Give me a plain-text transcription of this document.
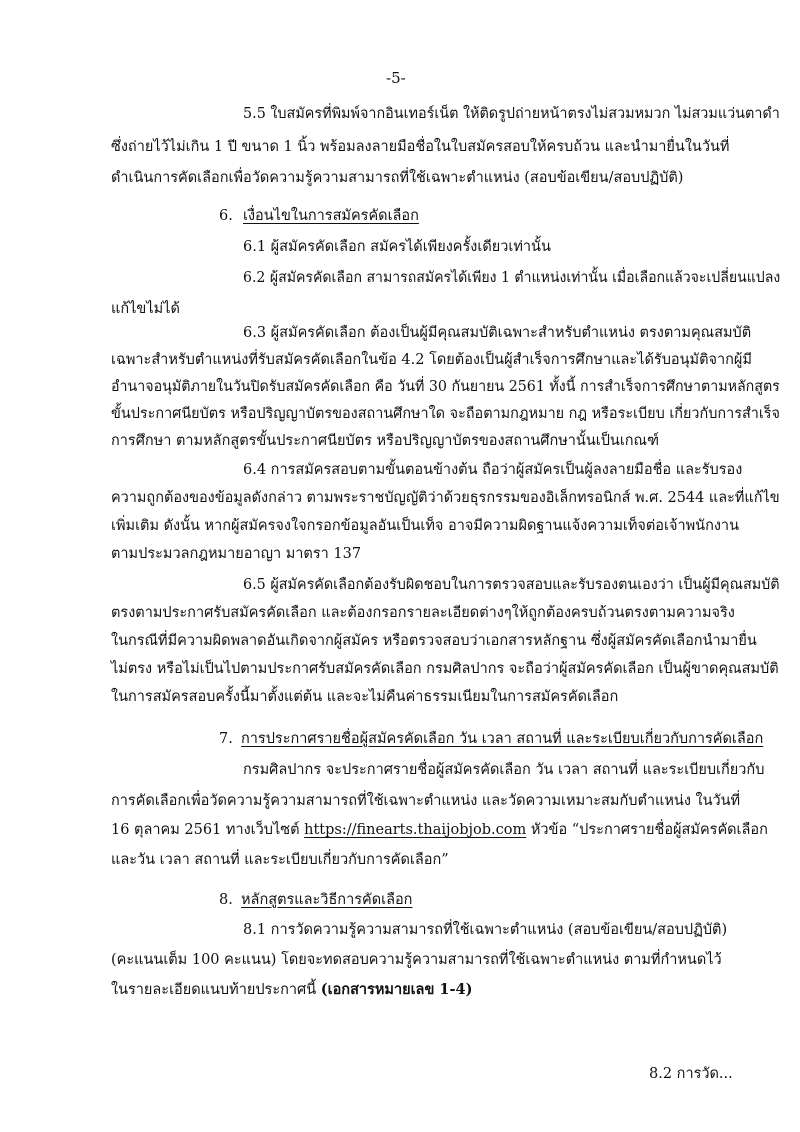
-5-

5.5 ใบสมัครที่พิมพ์จากอินเทอร์เน็ต ให้ติดรูปถ่ายหน้าตรงไม่สวมหมวก ไม่สวมแว่นตาดำ

ซึ่งถ่ายไว้ไม่เกิน 1 ปี ขนาด 1 นิ้ว พร้อมลงลายมือชื่อในใบสมัครสอบให้ครบถ้วน และนำมายื่นในวันที่

ดำเนินการคัดเลือกเพื่อวัดความรู้ความสามารถที่ใช้เฉพาะตำแหน่ง (สอบข้อเขียน/สอบปฏิบัติ)

6. เงื่อนไขในการสมัครคัดเลือก

6.1 ผู้สมัครคัดเลือก สมัครได้เพียงครั้งเดียวเท่านั้น

6.2 ผู้สมัครคัดเลือก สามารถสมัครได้เพียง 1 ตำแหน่งเท่านั้น เมื่อเลือกแล้วจะเปลี่ยนแปลง

แก้ไขไม่ได้

6.3 ผู้สมัครคัดเลือก ต้องเป็นผู้มีคุณสมบัติเฉพาะสำหรับตำแหน่ง ตรงตามคุณสมบัติ

เฉพาะสำหรับตำแหน่งที่รับสมัครคัดเลือกในข้อ 4.2 โดยต้องเป็นผู้สำเร็จการศึกษาและได้รับอนุมัติจากผู้มี

อำนาจอนุมัติภายในวันปิดรับสมัครคัดเลือก คือ วันที่ 30 กันยายน 2561 ทั้งนี้ การสำเร็จการศึกษาตามหลักสูตร

ขั้นประกาศนียบัตร หรือปริญญาบัตรของสถานศึกษาใด จะถือตามกฎหมาย กฎ หรือระเบียบ เกี่ยวกับการสำเร็จ

การศึกษา ตามหลักสูตรขั้นประกาศนียบัตร หรือปริญญาบัตรของสถานศึกษานั้นเป็นเกณฑ์

6.4 การสมัครสอบตามขั้นตอนข้างต้น ถือว่าผู้สมัครเป็นผู้ลงลายมือชื่อ และรับรอง

ความถูกต้องของข้อมูลดังกล่าว ตามพระราชบัญญัติว่าด้วยธุรกรรมของอิเล็กทรอนิกส์ พ.ศ. 2544 และที่แก้ไข

เพิ่มเติม ดังนั้น หากผู้สมัครจงใจกรอกข้อมูลอันเป็นเท็จ อาจมีความผิดฐานแจ้งความเท็จต่อเจ้าพนักงาน

ตามประมวลกฎหมายอาญา มาตรา 137

6.5 ผู้สมัครคัดเลือกต้องรับผิดชอบในการตรวจสอบและรับรองตนเองว่า เป็นผู้มีคุณสมบัติ

ตรงตามประกาศรับสมัครคัดเลือก และต้องกรอกรายละเอียดต่างๆให้ถูกต้องครบถ้วนตรงตามความจริง

ในกรณีที่มีความผิดพลาดอันเกิดจากผู้สมัคร หรือตรวจสอบว่าเอกสารหลักฐาน ซึ่งผู้สมัครคัดเลือกนำมายื่น

ไม่ตรง หรือไม่เป็นไปตามประกาศรับสมัครคัดเลือก กรมศิลปากร จะถือว่าผู้สมัครคัดเลือก เป็นผู้ขาดคุณสมบัติ

ในการสมัครสอบครั้งนี้มาตั้งแต่ต้น และจะไม่คืนค่าธรรมเนียมในการสมัครคัดเลือก

7. การประกาศรายชื่อผู้สมัครคัดเลือก วัน เวลา สถานที่ และระเบียบเกี่ยวกับการคัดเลือก

กรมศิลปากร จะประกาศรายชื่อผู้สมัครคัดเลือก วัน เวลา สถานที่ และระเบียบเกี่ยวกับ

การคัดเลือกเพื่อวัดความรู้ความสามารถที่ใช้เฉพาะตำแหน่ง และวัดความเหมาะสมกับตำแหน่ง ในวันที่

16 ตุลาคม 2561 ทางเว็บไซต์ https://finearts.thaijobjob.com หัวข้อ “ประกาศรายชื่อผู้สมัครคัดเลือก

และวัน เวลา สถานที่ และระเบียบเกี่ยวกับการคัดเลือก”

8. หลักสูตรและวิธีการคัดเลือก

8.1 การวัดความรู้ความสามารถที่ใช้เฉพาะตำแหน่ง (สอบข้อเขียน/สอบปฏิบัติ)

(คะแนนเต็ม 100 คะแนน) โดยจะทดสอบความรู้ความสามารถที่ใช้เฉพาะตำแหน่ง ตามที่กำหนดไว้

ในรายละเอียดแนบท้ายประกาศนี้ (เอกสารหมายเลข 1-4)

8.2 การวัด...
